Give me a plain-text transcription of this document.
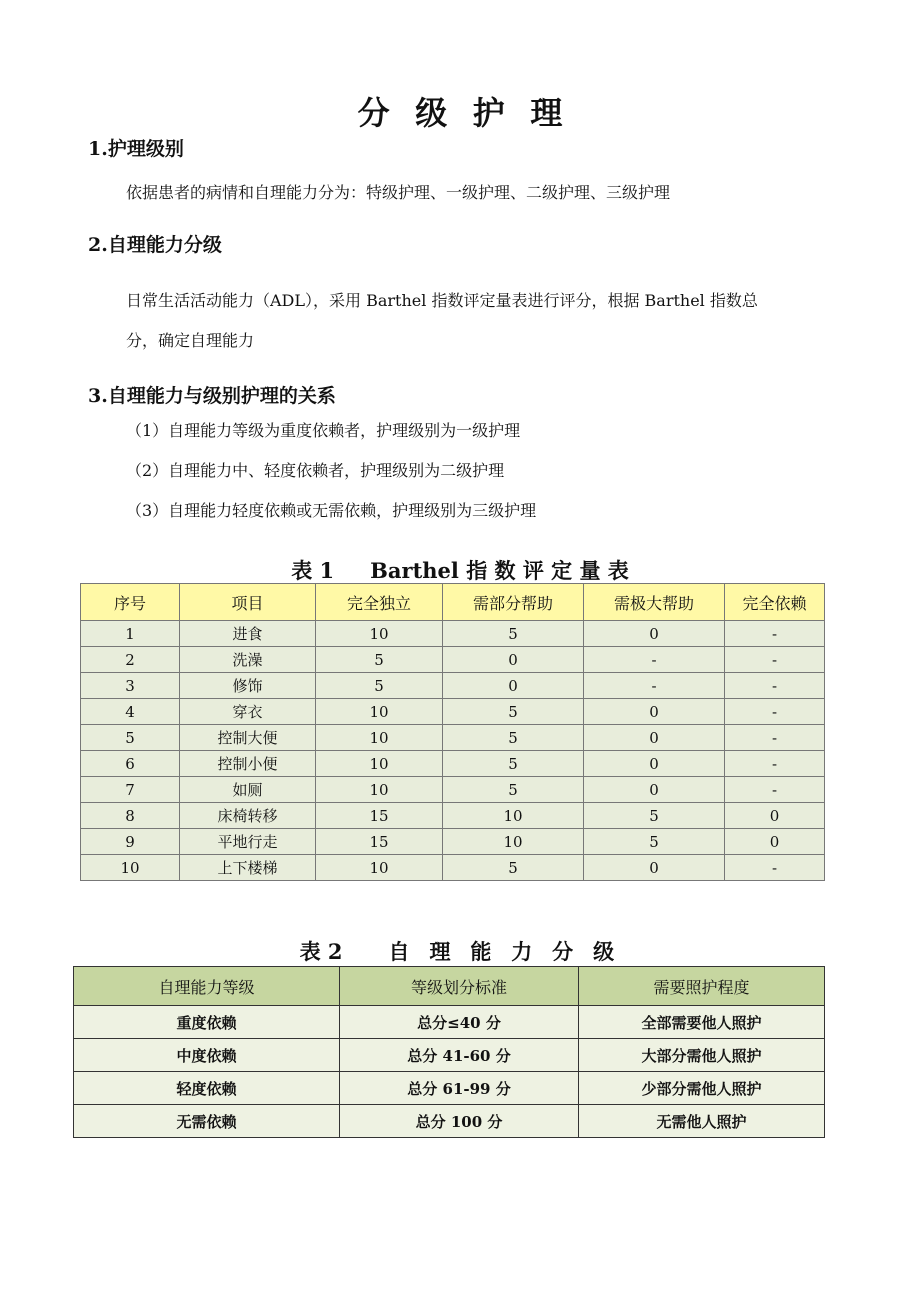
分级护理
1.护理级别
依据患者的病情和自理能力分为：特级护理、一级护理、二级护理、三级护理
2.自理能力分级
日常生活活动能力（ADL），采用 Barthel 指数评定量表进行评分，根据 Barthel 指数总
分，确定自理能力
3.自理能力与级别护理的关系
（1）自理能力等级为重度依赖者，护理级别为一级护理
（2）自理能力中、轻度依赖者，护理级别为二级护理
（3）自理能力轻度依赖或无需依赖，护理级别为三级护理
表 1 Barthel 指 数 评 定 量 表
序号	项目	完全独立	需部分帮助	需极大帮助	完全依赖
1	进食	10	5	0	-
2	洗澡	5	0	-	-
3	修饰	5	0	-	-
4	穿衣	10	5	0	-
5	控制大便	10	5	0	-
6	控制小便	10	5	0	-
7	如厕	10	5	0	-
8	床椅转移	15	10	5	0
9	平地行走	15	10	5	0
10	上下楼梯	10	5	0	-
表 2 自 理 能 力 分 级
自理能力等级	等级划分标准	需要照护程度
重度依赖	总分≤40 分	全部需要他人照护
中度依赖	总分 41-60 分	大部分需他人照护
轻度依赖	总分 61-99 分	少部分需他人照护
无需依赖	总分 100 分	无需他人照护
